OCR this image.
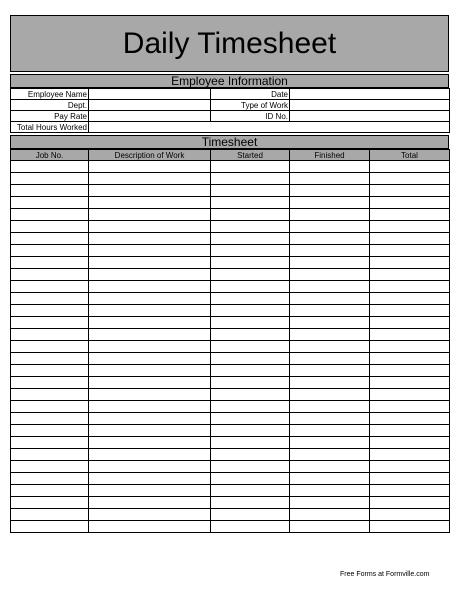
Daily Timesheet
Employee Information
Employee Name		Date	
Dept.		Type of Work	
Pay Rate		ID No.	
Total Hours Worked			
Timesheet
Job No.	Description of Work	Started	Finished	Total

Free Forms at Formville.com
